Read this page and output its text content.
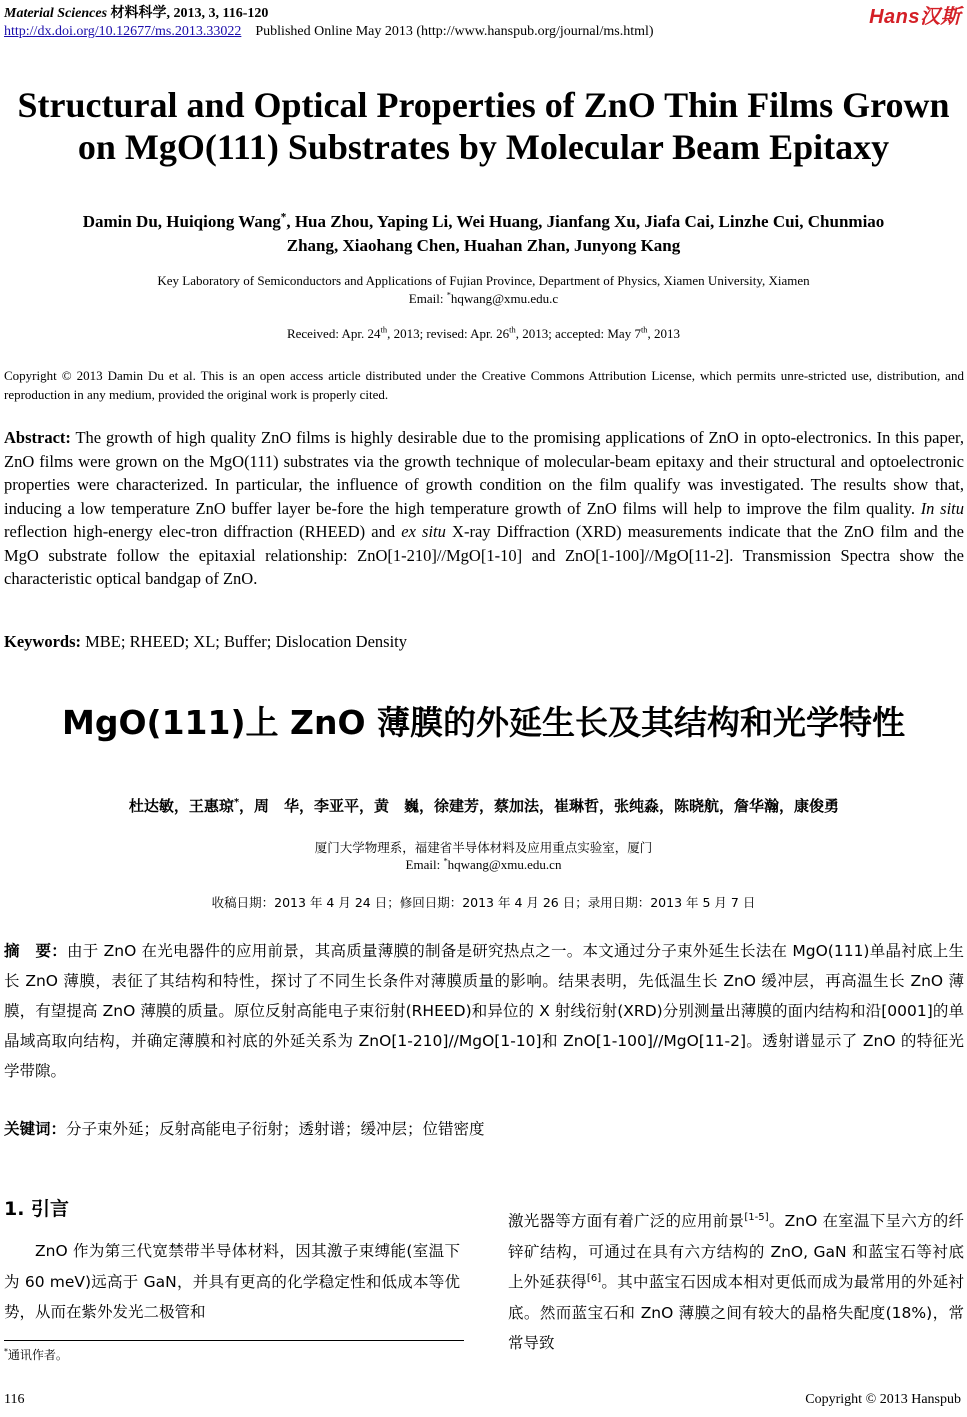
Material Sciences 材料科学, 2013, 3, 116-120
http://dx.doi.org/10.12677/ms.2013.33022 Published Online May 2013 (http://www.hanspub.org/journal/ms.html)
Hans汉斯
Structural and Optical Properties of ZnO Thin Films Grown
on MgO(111) Substrates by Molecular Beam Epitaxy
Damin Du, Huiqiong Wang*, Hua Zhou, Yaping Li, Wei Huang, Jianfang Xu, Jiafa Cai, Linzhe Cui, Chunmiao
Zhang, Xiaohang Chen, Huahan Zhan, Junyong Kang
Key Laboratory of Semiconductors and Applications of Fujian Province, Department of Physics, Xiamen University, Xiamen
Email: *hqwang@xmu.edu.c
Received: Apr. 24th, 2013; revised: Apr. 26th, 2013; accepted: May 7th, 2013
Copyright © 2013 Damin Du et al. This is an open access article distributed under the Creative Commons Attribution License, which permits unre-stricted use, distribution, and reproduction in any medium, provided the original work is properly cited.
Abstract: The growth of high quality ZnO films is highly desirable due to the promising applications of ZnO in opto-electronics. In this paper, ZnO films were grown on the MgO(111) substrates via the growth technique of molecular-beam epitaxy and their structural and optoelectronic properties were characterized. In particular, the influence of growth condition on the film qualify was investigated. The results show that, inducing a low temperature ZnO buffer layer be-fore the high temperature growth of ZnO films will help to improve the film quality. In situ reflection high-energy elec-tron diffraction (RHEED) and ex situ X-ray Diffraction (XRD) measurements indicate that the ZnO film and the MgO substrate follow the epitaxial relationship: ZnO[1-210]//MgO[1-10] and ZnO[1-100]//MgO[11-2]. Transmission Spectra show the characteristic optical bandgap of ZnO.
Keywords: MBE; RHEED; XL; Buffer; Dislocation Density
MgO(111)上 ZnO 薄膜的外延生长及其结构和光学特性
杜达敏，王惠琼*，周　华，李亚平，黄　巍，徐建芳，蔡加法，崔琳哲，张纯淼，陈晓航，詹华瀚，康俊勇
厦门大学物理系，福建省半导体材料及应用重点实验室，厦门
Email: *hqwang@xmu.edu.cn
收稿日期：2013 年 4 月 24 日；修回日期：2013 年 4 月 26 日；录用日期：2013 年 5 月 7 日
摘　要：由于 ZnO 在光电器件的应用前景，其高质量薄膜的制备是研究热点之一。本文通过分子束外延生长法在 MgO(111)单晶衬底上生长 ZnO 薄膜，表征了其结构和特性，探讨了不同生长条件对薄膜质量的影响。结果表明，先低温生长 ZnO 缓冲层，再高温生长 ZnO 薄膜，有望提高 ZnO 薄膜的质量。原位反射高能电子束衍射(RHEED)和异位的 X 射线衍射(XRD)分别测量出薄膜的面内结构和沿[0001]的单晶域高取向结构，并确定薄膜和衬底的外延关系为 ZnO[1-210]//MgO[1-10]和 ZnO[1-100]//MgO[11-2]。透射谱显示了 ZnO 的特征光学带隙。
关键词：分子束外延；反射高能电子衍射；透射谱；缓冲层；位错密度
1. 引言
ZnO 作为第三代宽禁带半导体材料，因其激子束缚能(室温下为 60 meV)远高于 GaN，并具有更高的化学稳定性和低成本等优势，从而在紫外发光二极管和
激光器等方面有着广泛的应用前景[1-5]。ZnO 在室温下呈六方的纤锌矿结构，可通过在具有六方结构的 ZnO, GaN 和蓝宝石等衬底上外延获得[6]。其中蓝宝石因成本相对更低而成为最常用的外延衬底。然而蓝宝石和 ZnO 薄膜之间有较大的晶格失配度(18%)，常常导致
*通讯作者。
116	Copyright © 2013 Hanspub
